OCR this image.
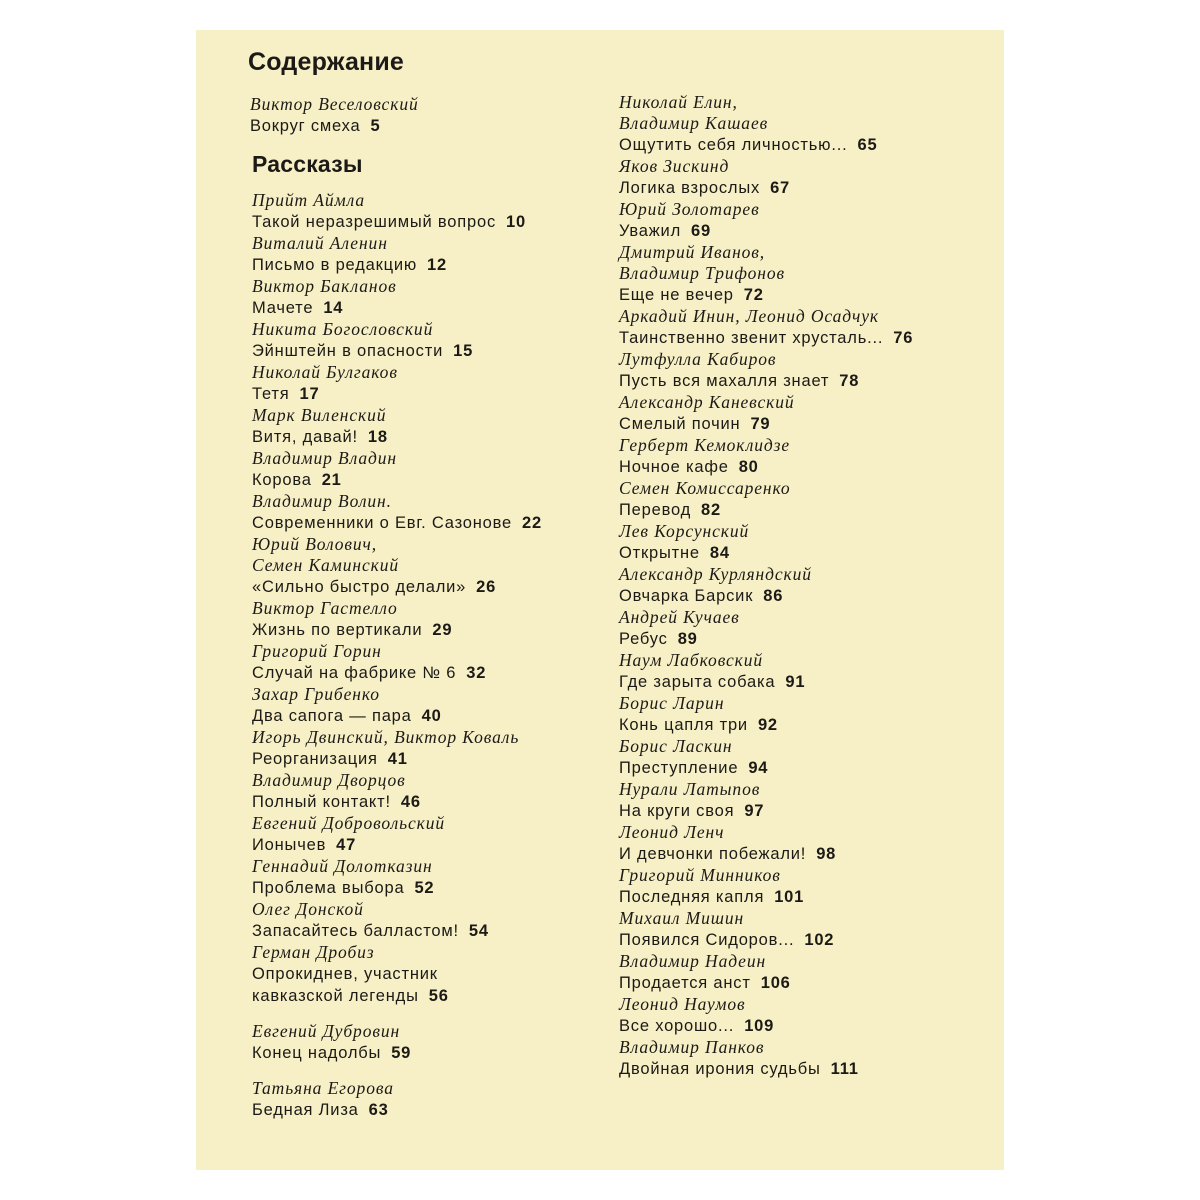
Содержание
Виктор Веселовский
Вокруг смеха 5
Рассказы
Прийт Аймла
Такой неразрешимый вопрос 10
Виталий Аленин
Письмо в редакцию 12
Виктор Бакланов
Мачете 14
Никита Богословский
Эйнштейн в опасности 15
Николай Булгаков
Тетя 17
Марк Виленский
Витя, давай! 18
Владимир Владин
Корова 21
Владимир Волин.
Современники о Евг. Сазонове 22
Юрий Волович,
Семен Каминский
«Сильно быстро делали» 26
Виктор Гастелло
Жизнь по вертикали 29
Григорий Горин
Случай на фабрике № 6 32
Захар Грибенко
Два сапога — пара 40
Игорь Двинский, Виктор Коваль
Реорганизация 41
Владимир Дворцов
Полный контакт! 46
Евгений Добровольский
Ионычев 47
Геннадий Долотказин
Проблема выбора 52
Олег Донской
Запасайтесь балластом! 54
Герман Дробиз
Опрокиднев, участник
кавказской легенды 56
Евгений Дубровин
Конец надолбы 59
Татьяна Егорова
Бедная Лиза 63
Николай Елин,
Владимир Кашаев
Ощутить себя личностью... 65
Яков Зискинд
Логика взрослых 67
Юрий Золотарев
Уважил 69
Дмитрий Иванов,
Владимир Трифонов
Еще не вечер 72
Аркадий Инин, Леонид Осадчук
Таинственно звенит хрусталь... 76
Лутфулла Кабиров
Пусть вся махалля знает 78
Александр Каневский
Смелый почин 79
Герберт Кемоклидзе
Ночное кафе 80
Семен Комиссаренко
Перевод 82
Лев Корсунский
Открытне 84
Александр Курляндский
Овчарка Барсик 86
Андрей Кучаев
Ребус 89
Наум Лабковский
Где зарыта собака 91
Борис Ларин
Конь цапля три 92
Борис Ласкин
Преступление 94
Нурали Латыпов
На круги своя 97
Леонид Ленч
И девчонки побежали! 98
Григорий Минников
Последняя капля 101
Михаил Мишин
Появился Сидоров... 102
Владимир Надеин
Продается анст 106
Леонид Наумов
Все хорошо... 109
Владимир Панков
Двойная ирония судьбы 111
